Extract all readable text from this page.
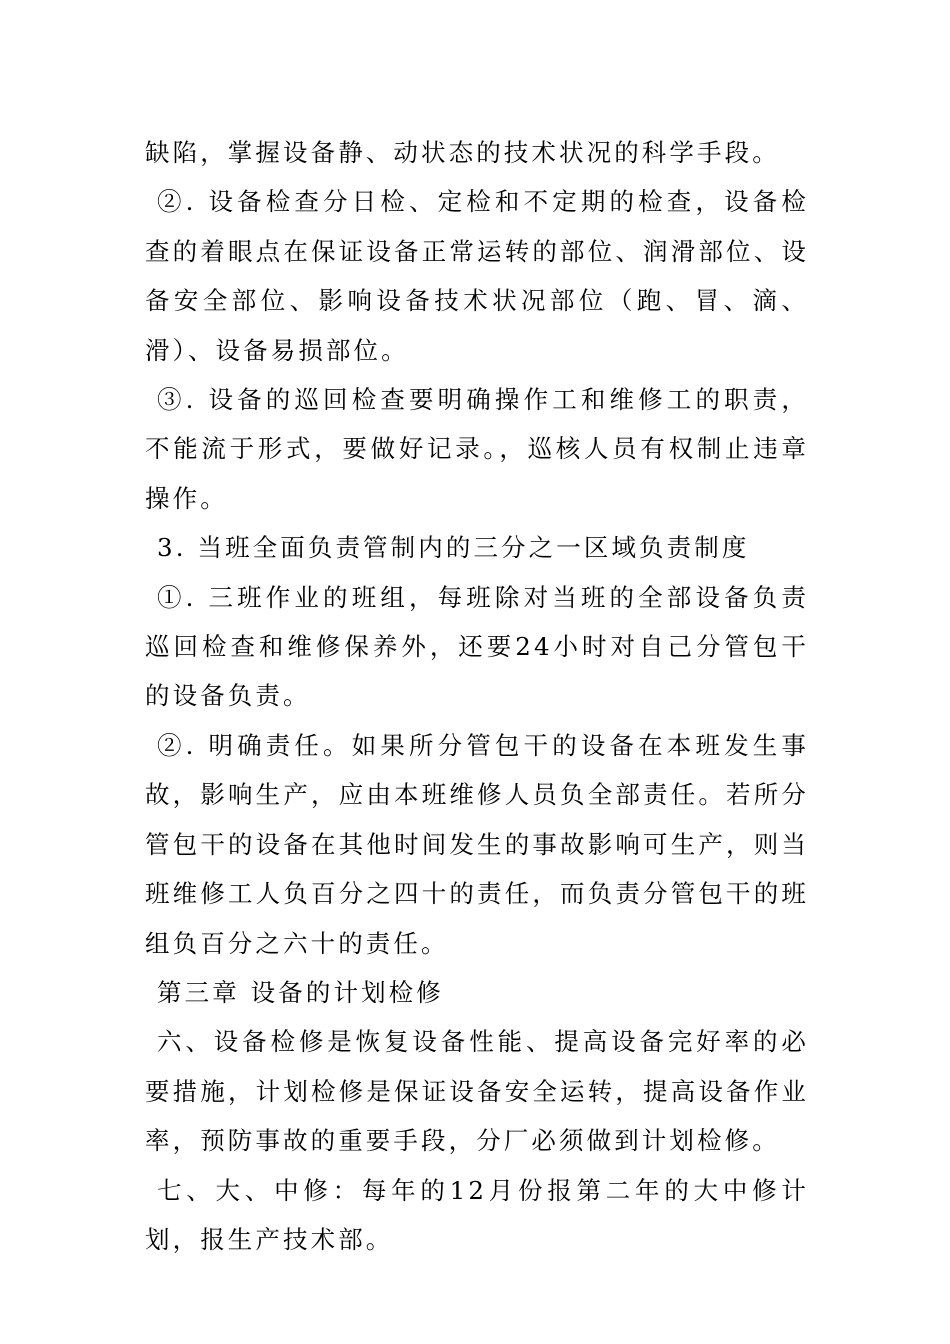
缺陷，掌握设备静、动状态的技术状况的科学手段。

②. 设备检查分日检、定检和不定期的检查，设备检查的着眼点在保证设备正常运转的部位、润滑部位、设备安全部位、影响设备技术状况部位（跑、冒、滴、滑）、设备易损部位。

③. 设备的巡回检查要明确操作工和维修工的职责，不能流于形式，要做好记录。，巡核人员有权制止违章操作。

3. 当班全面负责管制内的三分之一区域负责制度

①. 三班作业的班组，每班除对当班的全部设备负责巡回检查和维修保养外，还要24小时对自己分管包干的设备负责。

②. 明确责任。如果所分管包干的设备在本班发生事故，影响生产，应由本班维修人员负全部责任。若所分管包干的设备在其他时间发生的事故影响可生产，则当班维修工人负百分之四十的责任，而负责分管包干的班组负百分之六十的责任。

第三章 设备的计划检修

六、设备检修是恢复设备性能、提高设备完好率的必要措施，计划检修是保证设备安全运转，提高设备作业率，预防事故的重要手段，分厂必须做到计划检修。

七、大、中修：每年的12月份报第二年的大中修计划，报生产技术部。
